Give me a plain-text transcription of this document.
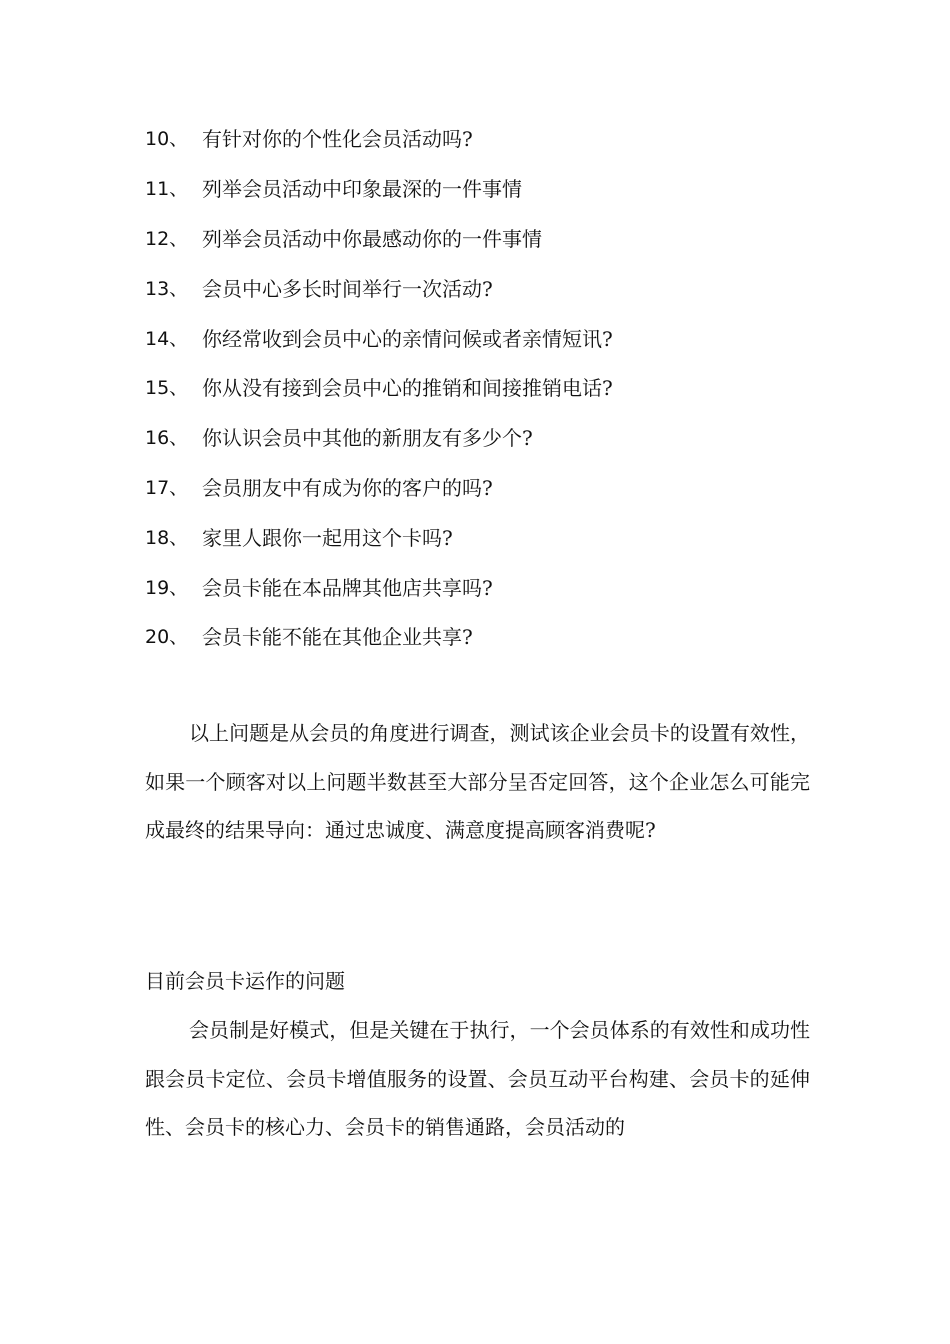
10、 有针对你的个性化会员活动吗?
11、 列举会员活动中印象最深的一件事情
12、 列举会员活动中你最感动你的一件事情
13、 会员中心多长时间举行一次活动?
14、 你经常收到会员中心的亲情问候或者亲情短讯?
15、 你从没有接到会员中心的推销和间接推销电话?
16、 你认识会员中其他的新朋友有多少个?
17、 会员朋友中有成为你的客户的吗?
18、 家里人跟你一起用这个卡吗?
19、 会员卡能在本品牌其他店共享吗?
20、 会员卡能不能在其他企业共享?

以上问题是从会员的角度进行调查，测试该企业会员卡的设置有效性，如果一个顾客对以上问题半数甚至大部分呈否定回答，这个企业怎么可能完成最终的结果导向：通过忠诚度、满意度提高顾客消费呢?

目前会员卡运作的问题

会员制是好模式，但是关键在于执行，一个会员体系的有效性和成功性跟会员卡定位、会员卡增值服务的设置、会员互动平台构建、会员卡的延伸性、会员卡的核心力、会员卡的销售通路，会员活动的
